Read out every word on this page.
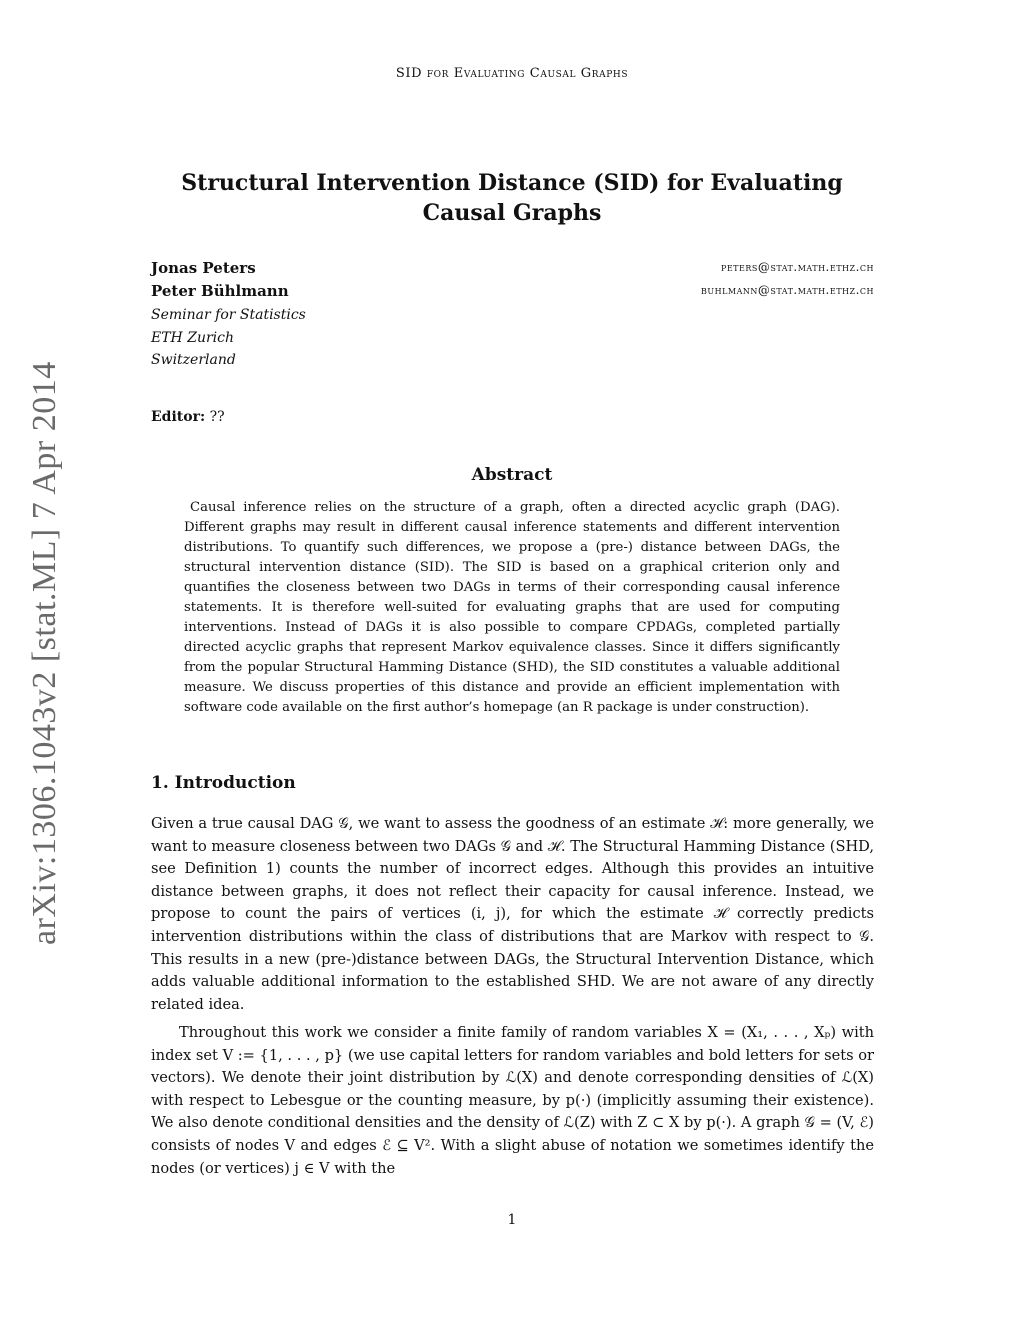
SID for Evaluating Causal Graphs
arXiv:1306.1043v2 [stat.ML] 7 Apr 2014
Structural Intervention Distance (SID) for Evaluating Causal Graphs
Jonas Peters	peters@stat.math.ethz.ch
Peter Bühlmann	buhlmann@stat.math.ethz.ch
Seminar for Statistics
ETH Zurich
Switzerland
Editor: ??
Abstract

Causal inference relies on the structure of a graph, often a directed acyclic graph (DAG). Different graphs may result in different causal inference statements and different intervention distributions. To quantify such differences, we propose a (pre-) distance between DAGs, the structural intervention distance (SID). The SID is based on a graphical criterion only and quantifies the closeness between two DAGs in terms of their corresponding causal inference statements. It is therefore well-suited for evaluating graphs that are used for computing interventions. Instead of DAGs it is also possible to compare CPDAGs, completed partially directed acyclic graphs that represent Markov equivalence classes. Since it differs significantly from the popular Structural Hamming Distance (SHD), the SID constitutes a valuable additional measure. We discuss properties of this distance and provide an efficient implementation with software code available on the first author’s homepage (an R package is under construction).

1. Introduction

Given a true causal DAG 𝒢, we want to assess the goodness of an estimate ℋ: more generally, we want to measure closeness between two DAGs 𝒢 and ℋ. The Structural Hamming Distance (SHD, see Definition 1) counts the number of incorrect edges. Although this provides an intuitive distance between graphs, it does not reflect their capacity for causal inference. Instead, we propose to count the pairs of vertices (i, j), for which the estimate ℋ correctly predicts intervention distributions within the class of distributions that are Markov with respect to 𝒢. This results in a new (pre-)distance between DAGs, the Structural Intervention Distance, which adds valuable additional information to the established SHD. We are not aware of any directly related idea.

Throughout this work we consider a finite family of random variables X = (X₁, . . . , Xₚ) with index set V := {1, . . . , p} (we use capital letters for random variables and bold letters for sets or vectors). We denote their joint distribution by ℒ(X) and denote corresponding densities of ℒ(X) with respect to Lebesgue or the counting measure, by p(·) (implicitly assuming their existence). We also denote conditional densities and the density of ℒ(Z) with Z ⊂ X by p(·). A graph 𝒢 = (V, ℰ) consists of nodes V and edges ℰ ⊆ V². With a slight abuse of notation we sometimes identify the nodes (or vertices) j ∈ V with the

1
